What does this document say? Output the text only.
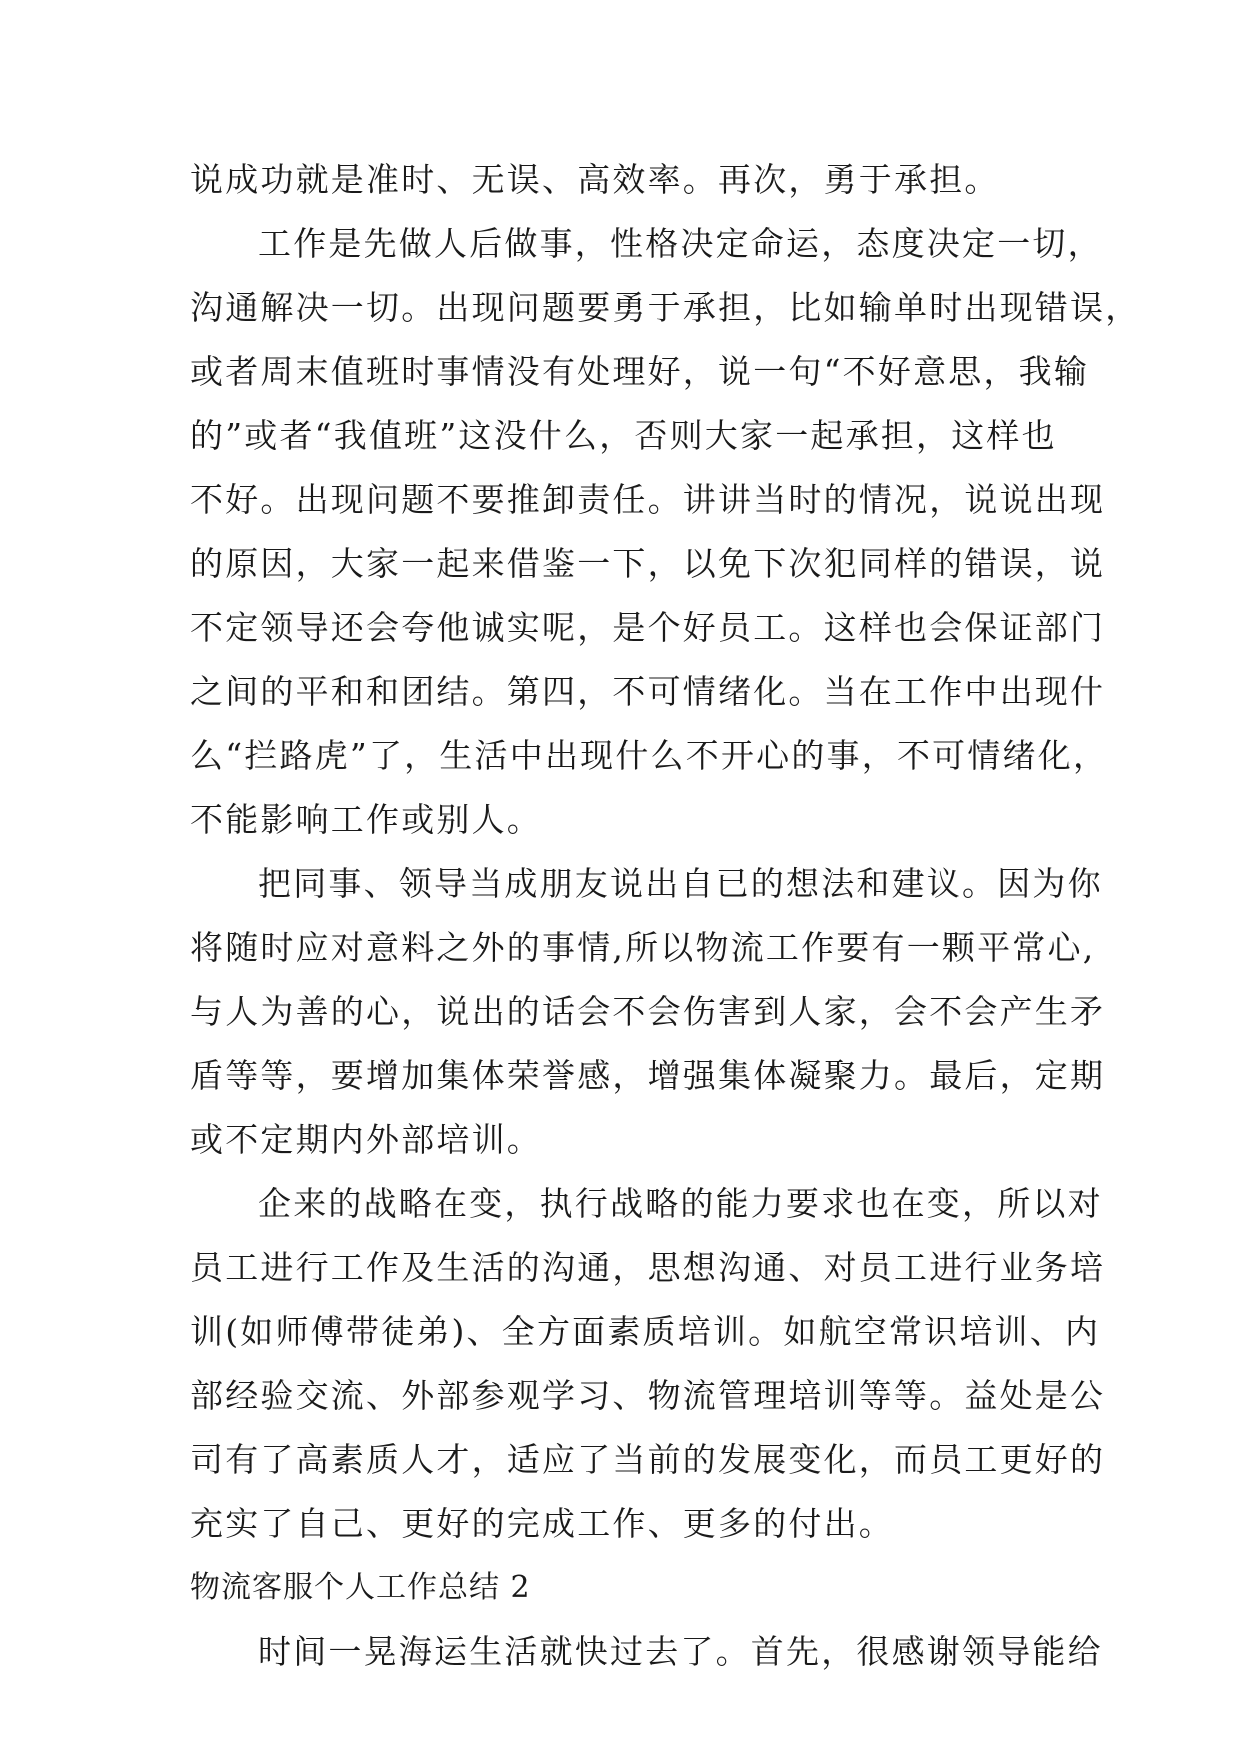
说成功就是准时、无误、高效率。再次，勇于承担。
工作是先做人后做事，性格决定命运，态度决定一切，
沟通解决一切。出现问题要勇于承担，比如输单时出现错误，
或者周末值班时事情没有处理好，说一句“不好意思，我输
的”或者“我值班”这没什么，否则大家一起承担，这样也
不好。出现问题不要推卸责任。讲讲当时的情况，说说出现
的原因，大家一起来借鉴一下，以免下次犯同样的错误，说
不定领导还会夸他诚实呢，是个好员工。这样也会保证部门
之间的平和和团结。第四，不可情绪化。当在工作中出现什
么“拦路虎”了，生活中出现什么不开心的事，不可情绪化，
不能影响工作或别人。
把同事、领导当成朋友说出自已的想法和建议。因为你
将随时应对意料之外的事情,所以物流工作要有一颗平常心,
与人为善的心，说出的话会不会伤害到人家，会不会产生矛
盾等等，要增加集体荣誉感，增强集体凝聚力。最后，定期
或不定期内外部培训。
企来的战略在变，执行战略的能力要求也在变，所以对
员工进行工作及生活的沟通，思想沟通、对员工进行业务培
训(如师傅带徒弟)、全方面素质培训。如航空常识培训、内
部经验交流、外部参观学习、物流管理培训等等。益处是公
司有了高素质人才，适应了当前的发展变化，而员工更好的
充实了自己、更好的完成工作、更多的付出。
物流客服个人工作总结 2
时间一晃海运生活就快过去了。首先，很感谢领导能给
